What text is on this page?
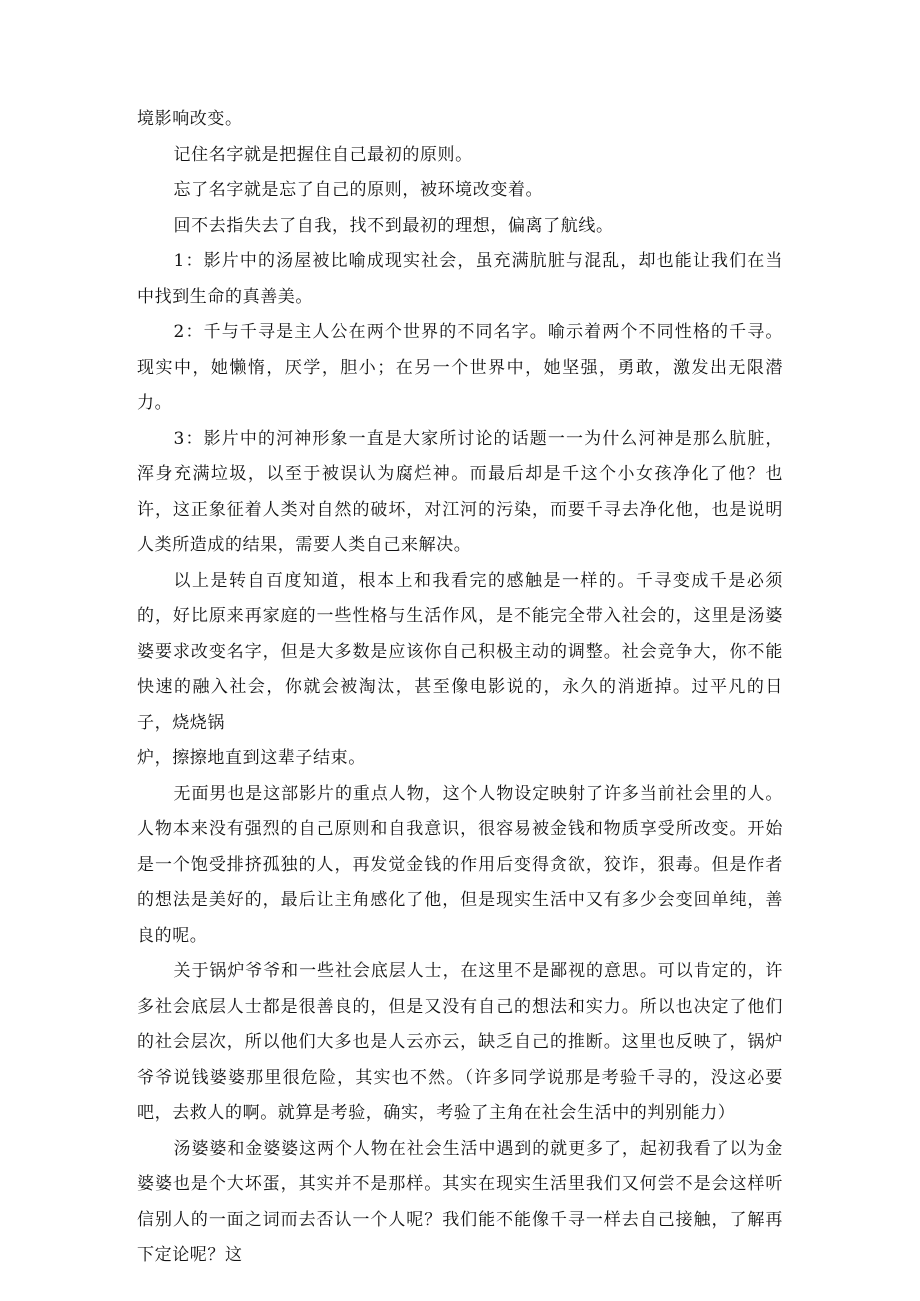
境影响改变。

记住名字就是把握住自己最初的原则。

忘了名字就是忘了自己的原则，被环境改变着。

回不去指失去了自我，找不到最初的理想，偏离了航线。

1：影片中的汤屋被比喻成现实社会，虽充满肮脏与混乱，却也能让我们在当中找到生命的真善美。

2：千与千寻是主人公在两个世界的不同名字。喻示着两个不同性格的千寻。现实中，她懒惰，厌学，胆小；在另一个世界中，她坚强，勇敢，激发出无限潜力。

3：影片中的河神形象一直是大家所讨论的话题一一为什么河神是那么肮脏，浑身充满垃圾，以至于被误认为腐烂神。而最后却是千这个小女孩净化了他？也许，这正象征着人类对自然的破坏，对江河的污染，而要千寻去净化他，也是说明人类所造成的结果，需要人类自己来解决。

以上是转自百度知道，根本上和我看完的感触是一样的。千寻变成千是必须的，好比原来再家庭的一些性格与生活作风，是不能完全带入社会的，这里是汤婆婆要求改变名字，但是大多数是应该你自己积极主动的调整。社会竞争大，你不能快速的融入社会，你就会被淘汰，甚至像电影说的，永久的消逝掉。过平凡的日子，烧烧锅

炉，擦擦地直到这辈子结束。

无面男也是这部影片的重点人物，这个人物设定映射了许多当前社会里的人。人物本来没有强烈的自己原则和自我意识，很容易被金钱和物质享受所改变。开始是一个饱受排挤孤独的人，再发觉金钱的作用后变得贪欲，狡诈，狠毒。但是作者的想法是美好的，最后让主角感化了他，但是现实生活中又有多少会变回单纯，善良的呢。

关于锅炉爷爷和一些社会底层人士，在这里不是鄙视的意思。可以肯定的，许多社会底层人士都是很善良的，但是又没有自己的想法和实力。所以也决定了他们的社会层次，所以他们大多也是人云亦云，缺乏自己的推断。这里也反映了，锅炉爷爷说钱婆婆那里很危险，其实也不然。（许多同学说那是考验千寻的，没这必要吧，去救人的啊。就算是考验，确实，考验了主角在社会生活中的判别能力）

汤婆婆和金婆婆这两个人物在社会生活中遇到的就更多了，起初我看了以为金婆婆也是个大坏蛋，其实并不是那样。其实在现实生活里我们又何尝不是会这样听信别人的一面之词而去否认一个人呢？我们能不能像千寻一样去自己接触，了解再下定论呢？这
